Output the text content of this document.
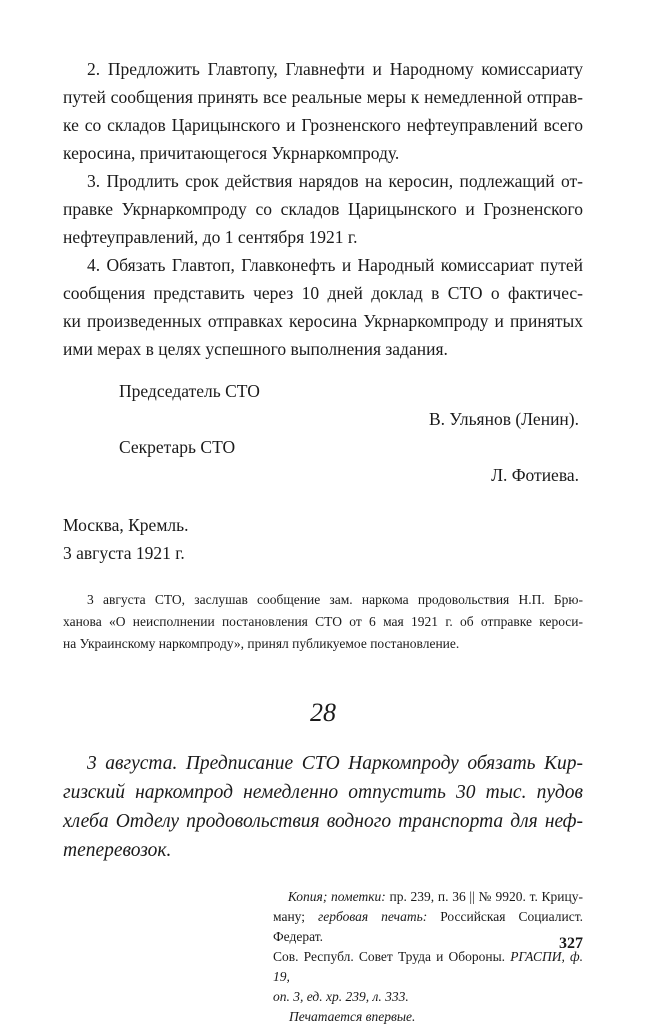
2. Предложить Главтопу, Главнефти и Народному комиссариату
путей сообщения принять все реальные меры к немедленной отправ-
ке со складов Царицынского и Грозненского нефтеуправлений всего
керосина, причитающегося Укрнаркомпроду.

3. Продлить срок действия нарядов на керосин, подлежащий от-
правке Укрнаркомпроду со складов Царицынского и Грозненского
нефтеуправлений, до 1 сентября 1921 г.

4. Обязать Главтоп, Главконефть и Народный комиссариат путей
сообщения представить через 10 дней доклад в СТО о фактичес-
ки произведенных отправках керосина Укрнаркомпроду и принятых
ими мерах в целях успешного выполнения задания.

Председатель СТО
В. Ульянов (Ленин).
Секретарь СТО
Л. Фотиева.
Москва, Кремль.
3 августа 1921 г.
3 августа СТО, заслушав сообщение зам. наркома продовольствия Н.П. Брю-
ханова «О неисполнении постановления СТО от 6 мая 1921 г. об отправке кероси-
на Украинскому наркомпроду», принял публикуемое постановление.
28
3 августа. Предписание СТО Наркомпроду обязать Кир-
гизский наркомпрод немедленно отпустить 30 тыс. пудов
хлеба Отделу продовольствия водного транспорта для неф-
теперевозок.
Копия; пометки: пр. 239, п. 36 || № 9920. т. Крицу-
ману; гербовая печать: Российская Социалист. Федерат.
Сов. Республ. Совет Труда и Обороны. РГАСПИ, ф. 19,
оп. 3, ед. хр. 239, л. 333.
Печатается впервые.
327
